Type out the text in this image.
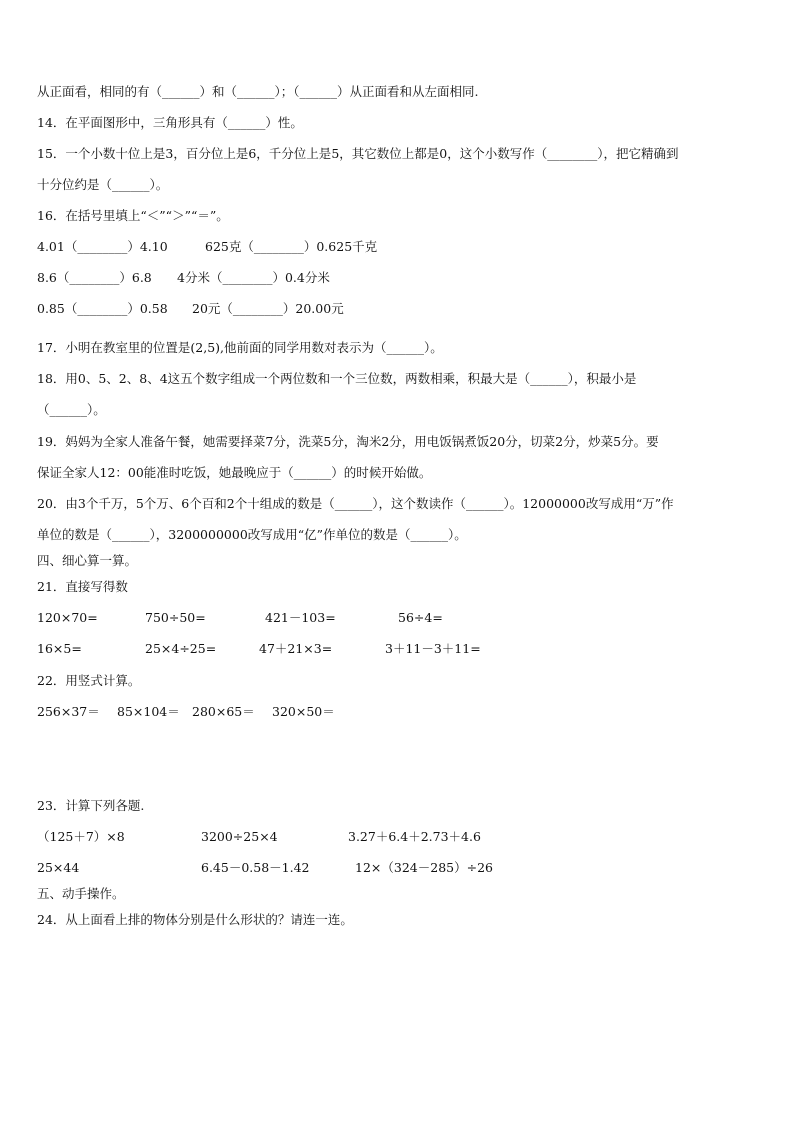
从正面看，相同的有（______）和（______）；（______）从正面看和从左面相同.
14．在平面图形中，三角形具有（______）性。
15．一个小数十位上是3，百分位上是6，千分位上是5，其它数位上都是0，这个小数写作（________），把它精确到
十分位约是（______）。
16．在括号里填上“＜”“＞”“＝”。
4.01（________）4.10	625克（________）0.625千克
8.6（________）6.8 4分米（________）0.4分米
0.85（________）0.58 20元（________）20.00元
17．小明在教室里的位置是(2,5),他前面的同学用数对表示为（______）。
18．用0、5、2、8、4这五个数字组成一个两位数和一个三位数，两数相乘，积最大是（______），积最小是
（______）。
19．妈妈为全家人准备午餐，她需要择菜7分，洗菜5分，淘米2分，用电饭锅煮饭20分，切菜2分，炒菜5分。要
保证全家人12：00能准时吃饭，她最晚应于（______）的时候开始做。
20．由3个千万，5个万、6个百和2个十组成的数是（______），这个数读作（______）。12000000改写成用“万”作
单位的数是（______），3200000000改写成用“亿”作单位的数是（______）。
四、细心算一算。
21．直接写得数
120×70=	750÷50=	421－103=	56÷4=
16×5=	25×4÷25=	47＋21×3=	3＋11－3＋11=
22．用竖式计算。
256×37＝ 85×104＝ 280×65＝ 320×50＝
23．计算下列各题.
（125＋7）×8	3200÷25×4	3.27＋6.4＋2.73＋4.6
25×44	6.45－0.58－1.42	12×（324－285）÷26
五、动手操作。
24．从上面看上排的物体分别是什么形状的？请连一连。
